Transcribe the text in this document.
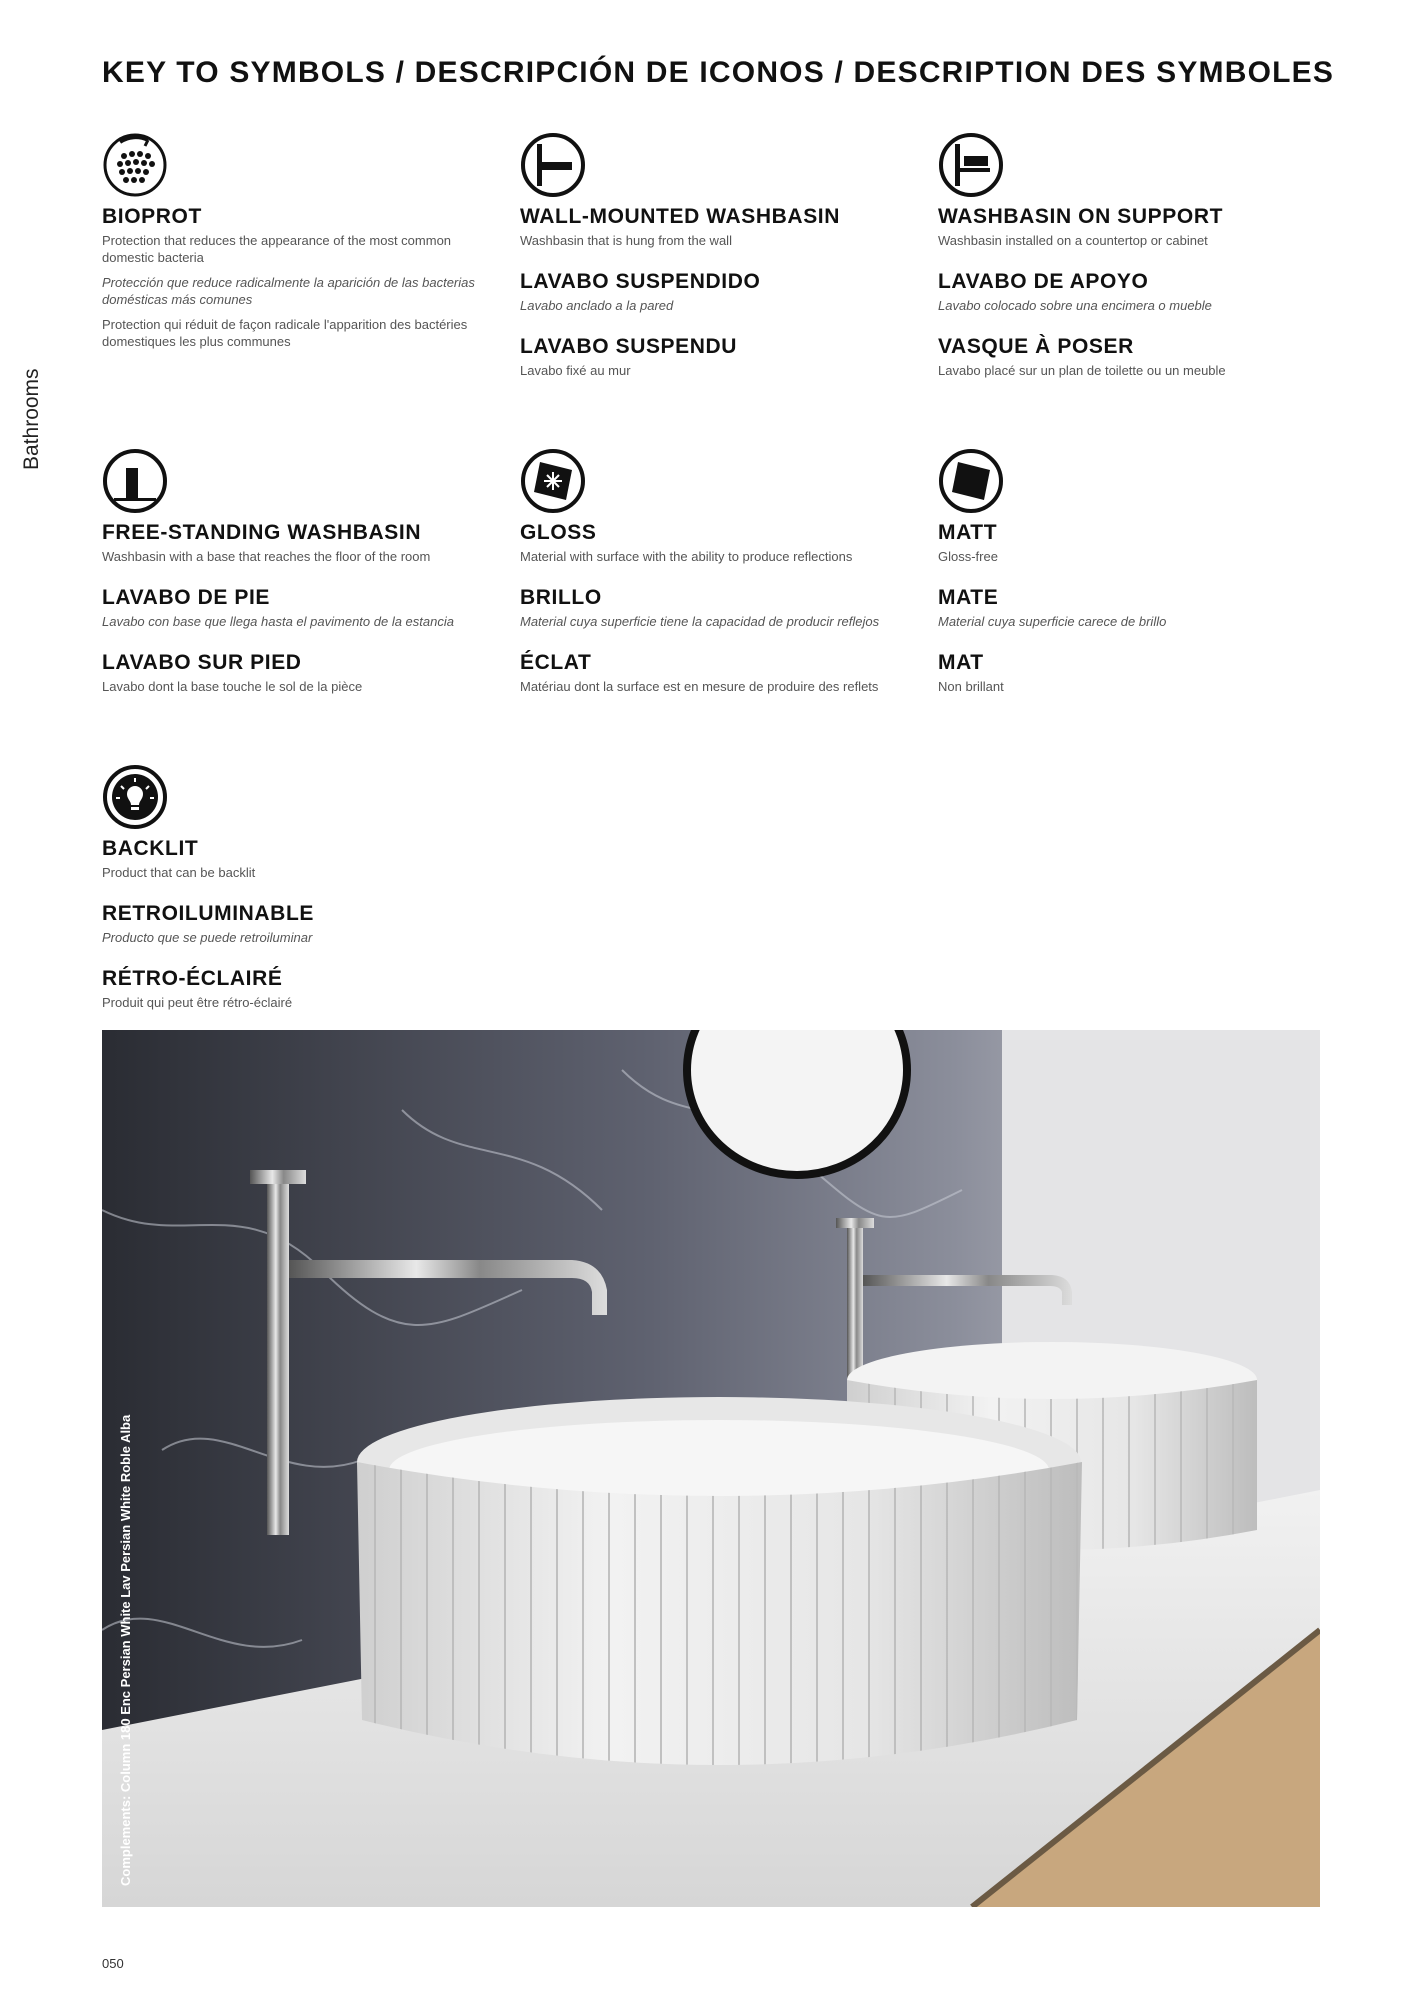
KEY TO SYMBOLS / DESCRIPCIÓN DE ICONOS / DESCRIPTION DES SYMBOLES
Bathrooms

BIOPROT

Protection that reduces the appearance of the most common domestic bacteria

Protección que reduce radicalmente la aparición de las bacterias domésticas más comunes

Protection qui réduit de façon radicale l'apparition des bactéries domestiques les plus communes

WALL-MOUNTED WASHBASIN

Washbasin that is hung from the wall

LAVABO SUSPENDIDO

Lavabo anclado a la pared

LAVABO SUSPENDU

Lavabo fixé au mur

WASHBASIN ON SUPPORT

Washbasin installed on a countertop or cabinet

LAVABO DE APOYO

Lavabo colocado sobre una encimera o mueble

VASQUE À POSER

Lavabo placé sur un plan de toilette ou un meuble

FREE-STANDING WASHBASIN

Washbasin with a base that reaches the floor of the room

LAVABO DE PIE

Lavabo con base que llega hasta el pavimento de la estancia

LAVABO SUR PIED

Lavabo dont la base touche le sol de la pièce

GLOSS

Material with surface with the ability to produce reflections

BRILLO

Material cuya superficie tiene la capacidad de producir reflejos

ÉCLAT

Matériau dont la surface est en mesure de produire des reflets

MATT

Gloss-free

MATE

Material cuya superficie carece de brillo

MAT

Non brillant

BACKLIT

Product that can be backlit

RETROILUMINABLE

Producto que se puede retroiluminar

RÉTRO-ÉCLAIRÉ

Produit qui peut être rétro-éclairé

Complements: Column 180 Enc Persian White Lav Persian White Roble Alba
050
